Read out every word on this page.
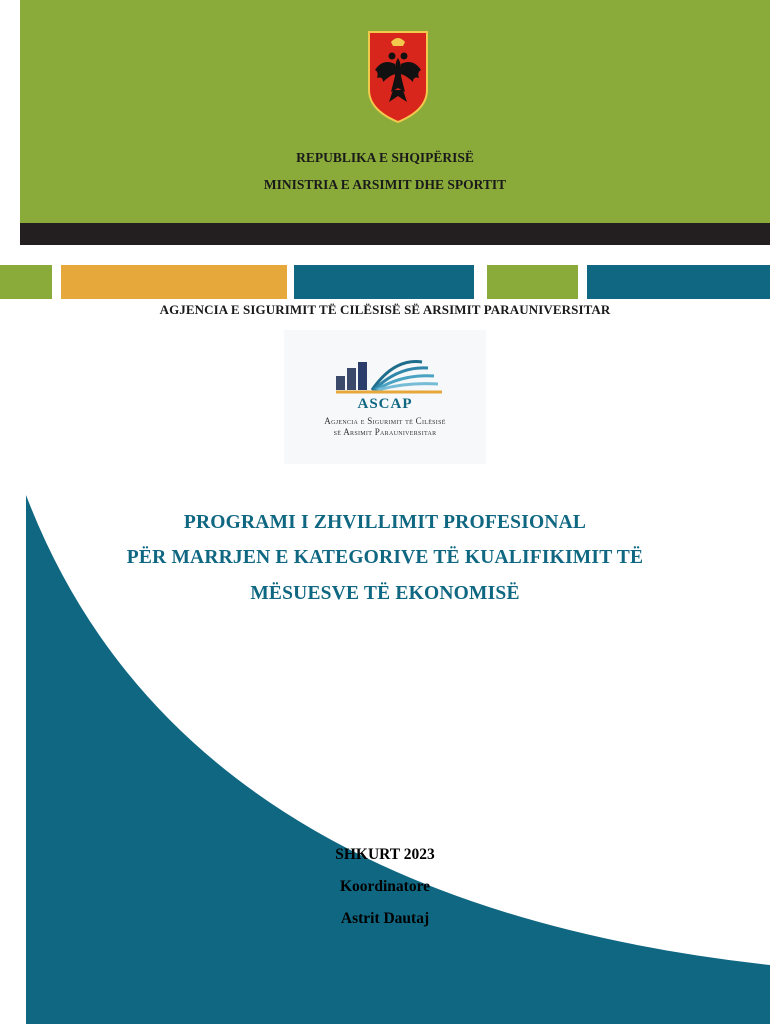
REPUBLIKA E SHQIPËRISË
MINISTRIA E ARSIMIT DHE SPORTIT
AGJENCIA E SIGURIMIT TË CILËSISË SË ARSIMIT PARAUNIVERSITAR
ASCAP
Agjencia e Sigurimit të Cilësisë
së Arsimit Parauniversitar
PROGRAMI I ZHVILLIMIT PROFESIONAL
PËR MARRJEN E KATEGORIVE TË KUALIFIKIMIT TË
MËSUESVE TË EKONOMISË
SHKURT 2023
Koordinatore
Astrit Dautaj
